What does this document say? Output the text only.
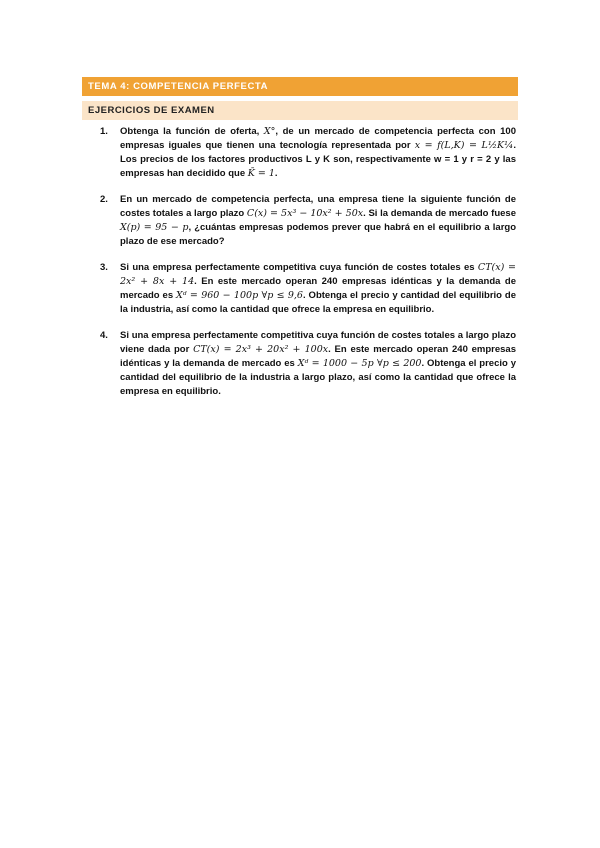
TEMA 4: COMPETENCIA PERFECTA
EJERCICIOS DE EXAMEN
1.	Obtenga la función de oferta, X°, de un mercado de competencia perfecta con 100 empresas iguales que tienen una tecnología representada por x = f(L,K) = L½K¼. Los precios de los factores productivos L y K son, respectivamente w = 1 y r = 2 y las empresas han decidido que K̄ = 1.
2.	En un mercado de competencia perfecta, una empresa tiene la siguiente función de costes totales a largo plazo C(x) = 5x³ − 10x² + 50x. Si la demanda de mercado fuese X(p) = 95 − p, ¿cuántas empresas podemos prever que habrá en el equilibrio a largo plazo de ese mercado?
3.	Si una empresa perfectamente competitiva cuya función de costes totales es CT(x) = 2x² + 8x + 14. En este mercado operan 240 empresas idénticas y la demanda de mercado es Xᵈ = 960 − 100p ∀p ≤ 9,6. Obtenga el precio y cantidad del equilibrio de la industria, así como la cantidad que ofrece la empresa en equilibrio.
4.	Si una empresa perfectamente competitiva cuya función de costes totales a largo plazo viene dada por CT(x) = 2x³ + 20x² + 100x. En este mercado operan 240 empresas idénticas y la demanda de mercado es Xᵈ = 1000 − 5p ∀p ≤ 200. Obtenga el precio y cantidad del equilibrio de la industria a largo plazo, así como la cantidad que ofrece la empresa en equilibrio.
